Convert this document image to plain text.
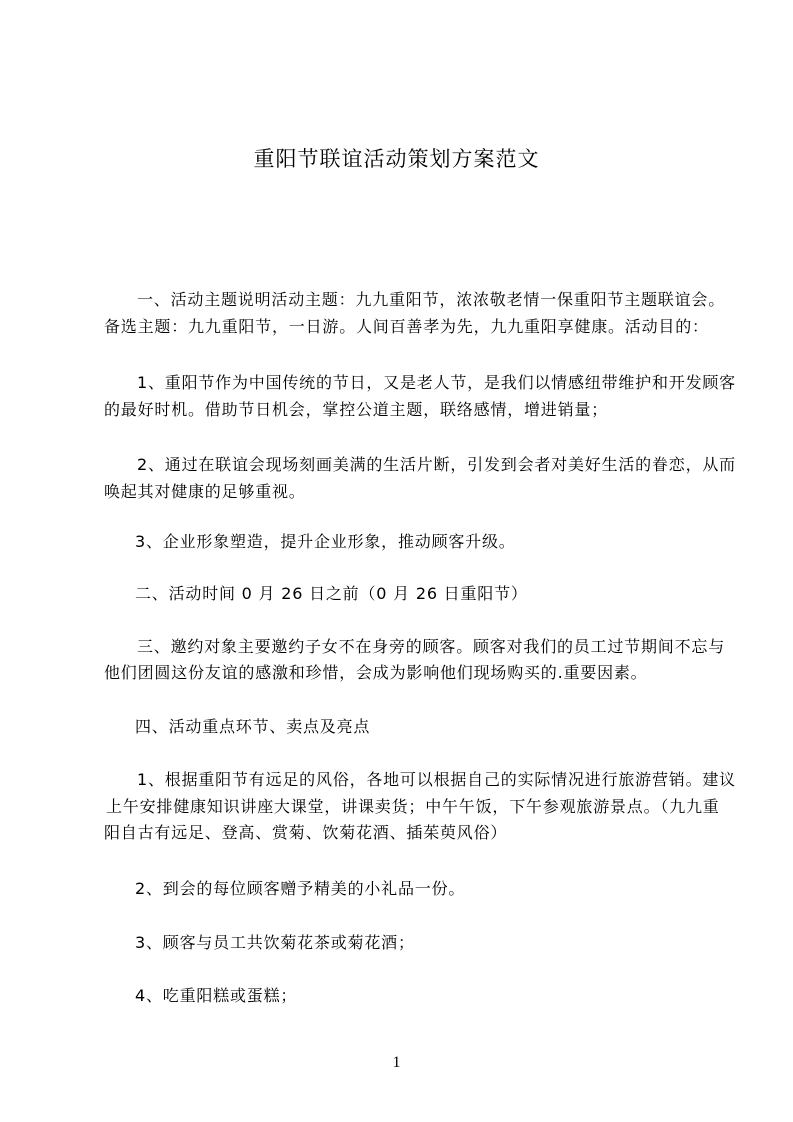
重阳节联谊活动策划方案范文
一、活动主题说明活动主题：九九重阳节，浓浓敬老情一保重阳节主题联谊会。
备选主题：九九重阳节，一日游。人间百善孝为先，九九重阳享健康。活动目的：
1、重阳节作为中国传统的节日，又是老人节，是我们以情感纽带维护和开发顾客
的最好时机。借助节日机会，掌控公道主题，联络感情，增进销量；
2、通过在联谊会现场刻画美满的生活片断，引发到会者对美好生活的眷恋，从而
唤起其对健康的足够重视。
3、企业形象塑造，提升企业形象，推动顾客升级。
二、活动时间 0 月 26 日之前（0 月 26 日重阳节）
三、邀约对象主要邀约子女不在身旁的顾客。顾客对我们的员工过节期间不忘与
他们团圆这份友谊的感激和珍惜，会成为影响他们现场购买的.重要因素。
四、活动重点环节、卖点及亮点
1、根据重阳节有远足的风俗，各地可以根据自己的实际情况进行旅游营销。建议
上午安排健康知识讲座大课堂，讲课卖货；中午午饭，下午参观旅游景点。（九九重
阳自古有远足、登高、赏菊、饮菊花酒、插茱萸风俗）
2、到会的每位顾客赠予精美的小礼品一份。
3、顾客与员工共饮菊花茶或菊花酒；
4、吃重阳糕或蛋糕；
1
